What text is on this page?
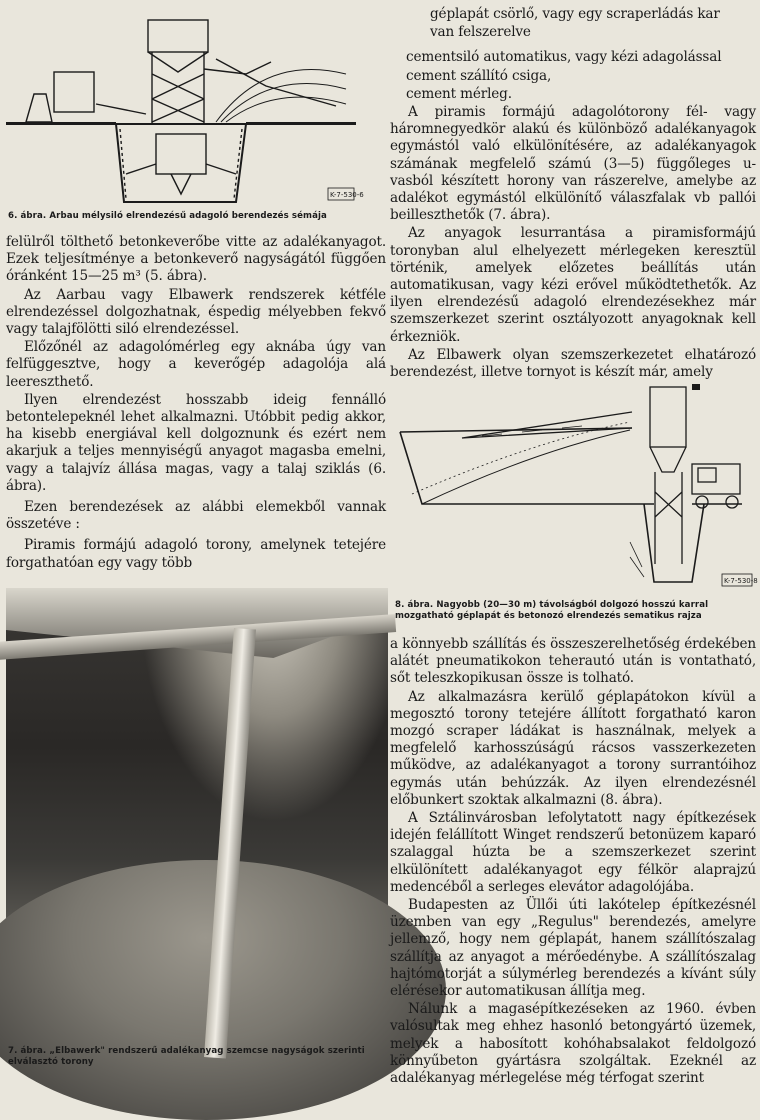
K-7-530-6
6. ábra. Arbau mélysiló elrendezésű adagoló berendezés sémája

felülről tölthető betonkeverőbe vitte az adalékanyagot. Ezek teljesítménye a betonkeverő nagyságától függően óránként 15—25 m³ (5. ábra).

Az Aarbau vagy Elbawerk rendszerek kétféle elrendezéssel dolgozhatnak, éspedig mélyebben fekvő vagy talajfölötti siló elrendezéssel.

Előzőnél az adagolómérleg egy aknába úgy van felfüggesztve, hogy a keverőgép adagolója alá leereszthető.

Ilyen elrendezést hosszabb ideig fennálló betontelepeknél lehet alkalmazni. Utóbbit pedig akkor, ha kisebb energiával kell dolgoznunk és ezért nem akarjuk a teljes mennyiségű anyagot magasba emelni, vagy a talajvíz állása magas, vagy a talaj sziklás (6. ábra).

Ezen berendezések az alábbi elemekből vannak összetéve :

Piramis formájú adagoló torony, amelynek tetejére forgathatóan egy vagy több

7. ábra. „Elbawerk" rendszerű adalékanyag szemcse nagyságok szerinti elválasztó torony

géplapát csörlő, vagy egy scraperládás kar

van felszerelve

cementsiló automatikus, vagy kézi adagolással

cement szállító csiga,

cement mérleg.

A piramis formájú adagolótorony fél- vagy háromnegyedkör alakú és különböző adalékanyagok egymástól való elkülönítésére, az adalékanyagok számának megfelelő számú (3—5) függőleges u-vasból készített horony van rászerelve, amelybe az adalékot egymástól elkülönítő válaszfalak vb pallói beilleszthetők (7. ábra).

Az anyagok lesurrantása a piramisformájú toronyban alul elhelyezett mérlegeken keresztül történik, amelyek előzetes beállítás után automatikusan, vagy kézi erővel működtethetők. Az ilyen elrendezésű adagoló elrendezésekhez már szemszerkezet szerint osztályozott anyagoknak kell érkezniök.

Az Elbawerk olyan szemszerkezetet elhatározó berendezést, illetve tornyot is készít már, amely

K-7-530-8
8. ábra. Nagyobb (20—30 m) távolságból dolgozó hosszú karral mozgatható géplapát és betonozó elrendezés sematikus rajza

a könnyebb szállítás és összeszerelhetőség érdekében alátét pneumatikokon teherautó után is vontatható, sőt teleszkopikusan össze is tolható.

Az alkalmazásra kerülő géplapátokon kívül a megosztó torony tetejére állított forgatható karon mozgó scraper ládákat is használnak, melyek a megfelelő karhosszúságú rácsos vasszerkezeten működve, az adalékanyagot a torony surrantóihoz egymás után behúzzák. Az ilyen elrendezésnél előbunkert szoktak alkalmazni (8. ábra).

A Sztálinvárosban lefolytatott nagy építkezések idején felállított Winget rendszerű betonüzem kaparó szalaggal húzta be a szemszerkezet szerint elkülönített adalékanyagot egy félkör alaprajzú medencéből a serleges elevátor adagolójába.

Budapesten az Üllői úti lakótelep építkezésnél üzemben van egy „Regulus" berendezés, amelyre jellemző, hogy nem géplapát, hanem szállítószalag szállítja az anyagot a mérőedénybe. A szállítószalag hajtómotorját a súlymérleg berendezés a kívánt súly elérésekor automatikusan állítja meg.

Nálunk a magasépítkezéseken az 1960. évben valósultak meg ehhez hasonló betongyártó üzemek, melyek a habosított kohóhabsalakot feldolgozó könnyűbeton gyártásra szolgáltak. Ezeknél az adalékanyag mérlegelése még térfogat szerint
